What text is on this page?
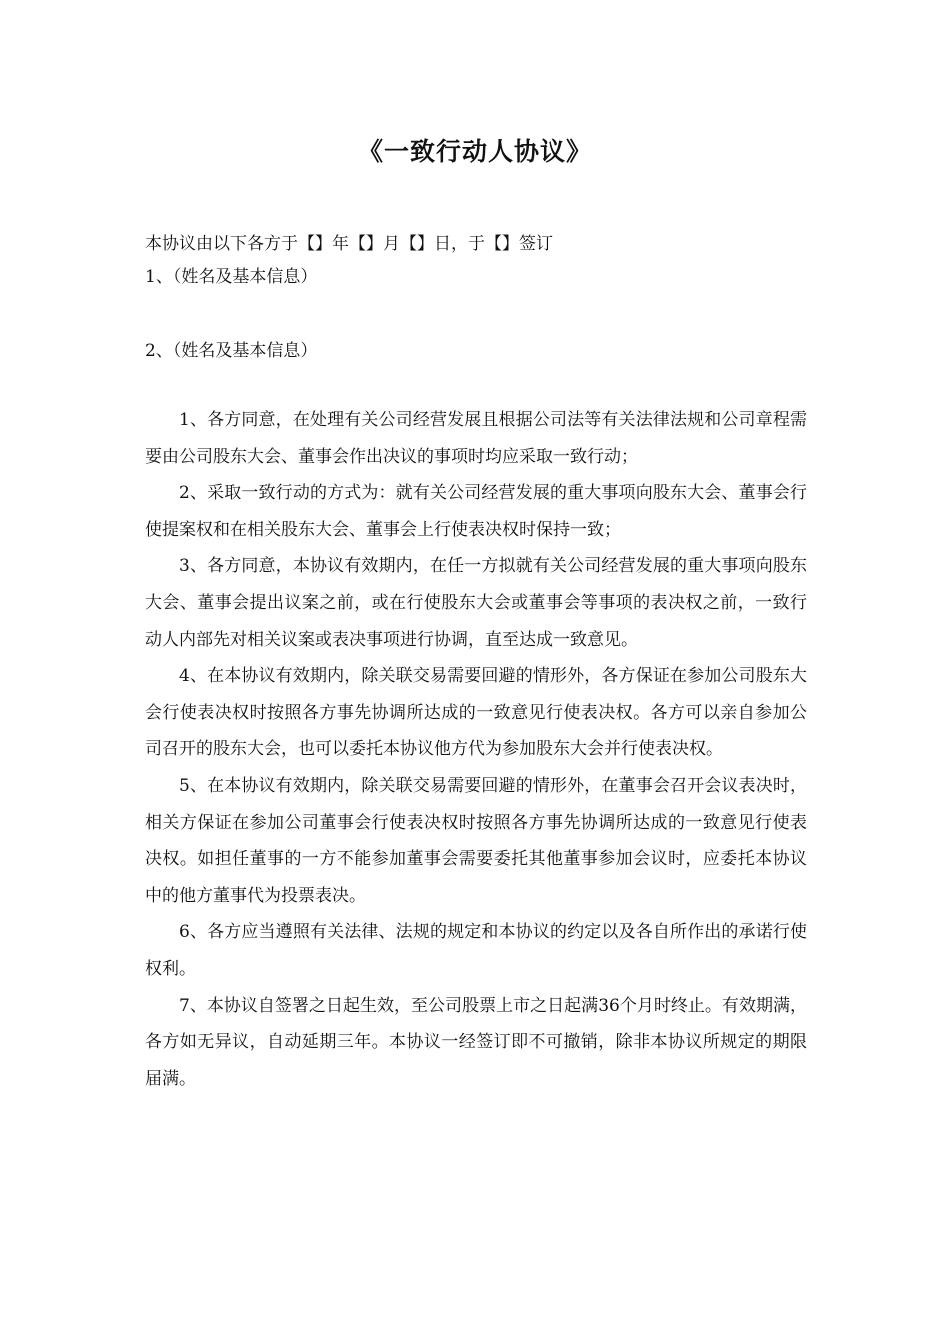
《一致行动人协议》
本协议由以下各方于【】年【】月【】日，于【】签订
1、（姓名及基本信息）
2、（姓名及基本信息）

1、各方同意，在处理有关公司经营发展且根据公司法等有关法律法规和公司章程需要由公司股东大会、董事会作出决议的事项时均应采取一致行动；

2、采取一致行动的方式为：就有关公司经营发展的重大事项向股东大会、董事会行使提案权和在相关股东大会、董事会上行使表决权时保持一致；

3、各方同意，本协议有效期内，在任一方拟就有关公司经营发展的重大事项向股东大会、董事会提出议案之前，或在行使股东大会或董事会等事项的表决权之前，一致行动人内部先对相关议案或表决事项进行协调，直至达成一致意见。

4、在本协议有效期内，除关联交易需要回避的情形外，各方保证在参加公司股东大会行使表决权时按照各方事先协调所达成的一致意见行使表决权。各方可以亲自参加公司召开的股东大会，也可以委托本协议他方代为参加股东大会并行使表决权。

5、在本协议有效期内，除关联交易需要回避的情形外，在董事会召开会议表决时，相关方保证在参加公司董事会行使表决权时按照各方事先协调所达成的一致意见行使表决权。如担任董事的一方不能参加董事会需要委托其他董事参加会议时，应委托本协议中的他方董事代为投票表决。

6、各方应当遵照有关法律、法规的规定和本协议的约定以及各自所作出的承诺行使权利。

7、本协议自签署之日起生效，至公司股票上市之日起满36个月时终止。有效期满，各方如无异议，自动延期三年。本协议一经签订即不可撤销，除非本协议所规定的期限届满。
